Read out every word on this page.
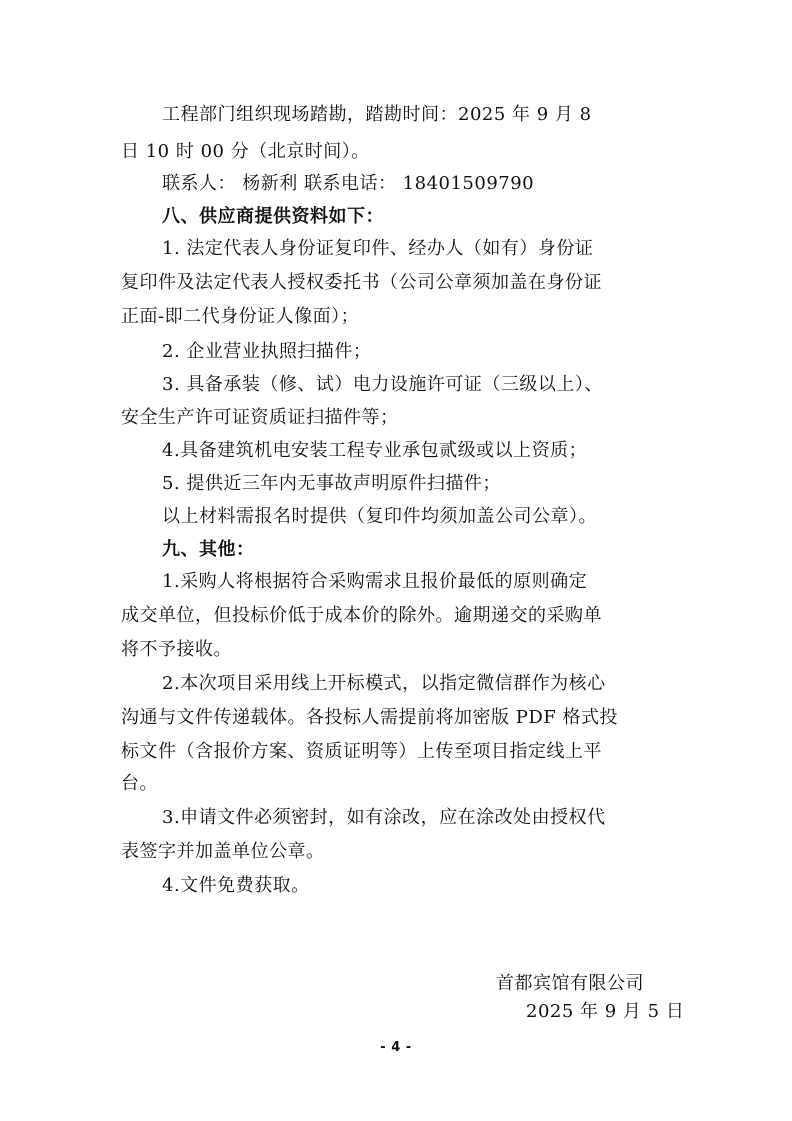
工程部门组织现场踏勘，踏勘时间：2025 年 9 月 8
日 10 时 00 分（北京时间）。
联系人： 杨新利 联系电话： 18401509790
八、供应商提供资料如下：
1. 法定代表人身份证复印件、经办人（如有）身份证
复印件及法定代表人授权委托书（公司公章须加盖在身份证
正面-即二代身份证人像面）；
2. 企业营业执照扫描件；
3. 具备承装（修、试）电力设施许可证（三级以上）、
安全生产许可证资质证扫描件等；
4.具备建筑机电安装工程专业承包贰级或以上资质；
5. 提供近三年内无事故声明原件扫描件；
以上材料需报名时提供（复印件均须加盖公司公章）。
九、其他：
1.采购人将根据符合采购需求且报价最低的原则确定
成交单位，但投标价低于成本价的除外。逾期递交的采购单
将不予接收。
2.本次项目采用线上开标模式，以指定微信群作为核心
沟通与文件传递载体。各投标人需提前将加密版 PDF 格式投
标文件（含报价方案、资质证明等）上传至项目指定线上平
台。
3.申请文件必须密封，如有涂改，应在涂改处由授权代
表签字并加盖单位公章。
4.文件免费获取。
首都宾馆有限公司
2025 年 9 月 5 日
- 4 -
